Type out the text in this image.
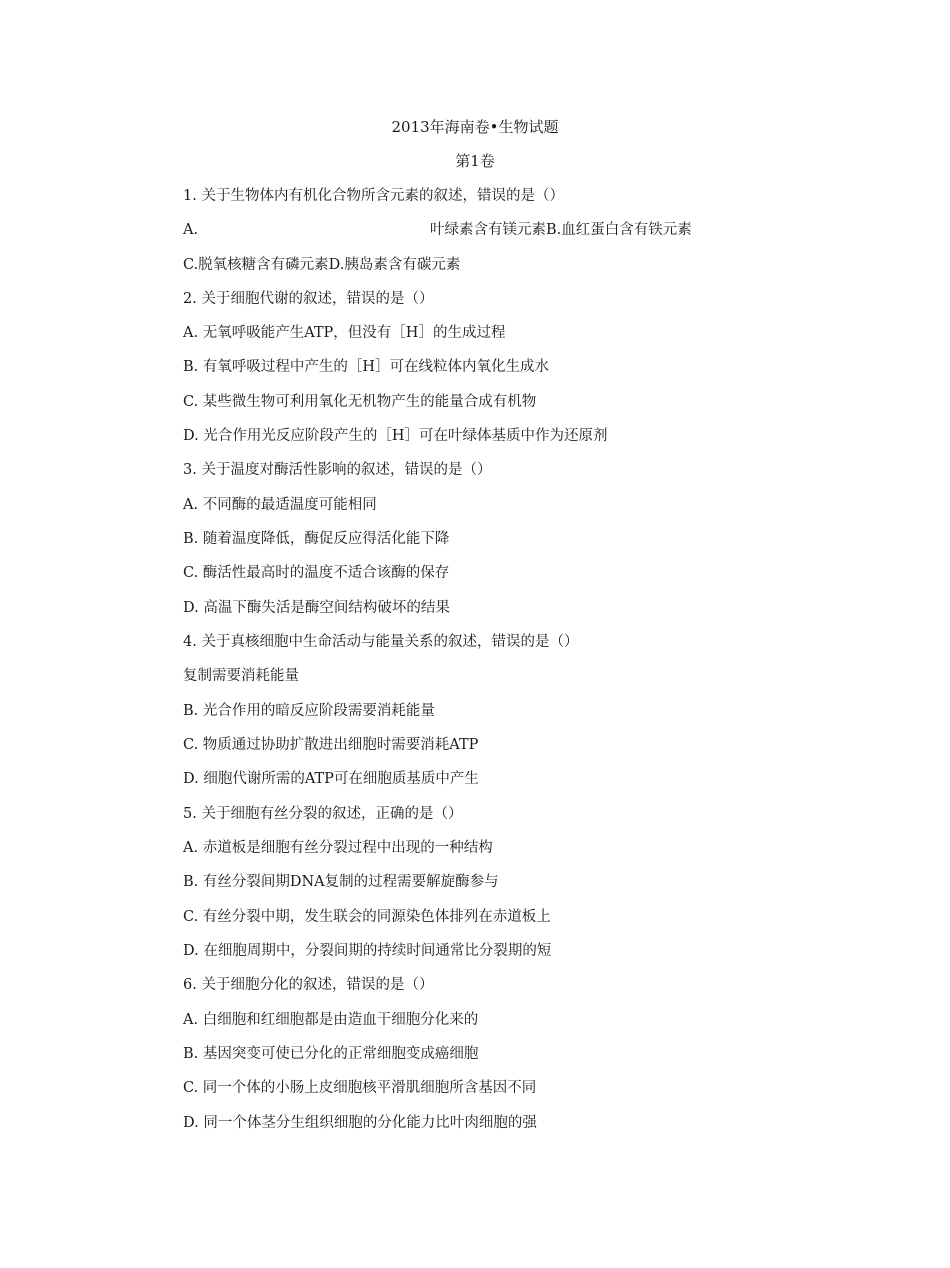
2013年海南卷•生物试题
第1卷
1. 关于生物体内有机化合物所含元素的叙述，错误的是（）
A.	叶绿素含有镁元素B.血红蛋白含有铁元素
C.脱氧核糖含有磷元素D.胰岛素含有碳元素
2. 关于细胞代谢的叙述，错误的是（）
A. 无氧呼吸能产生ATP，但没有［H］的生成过程
B. 有氧呼吸过程中产生的［H］可在线粒体内氧化生成水
C. 某些微生物可利用氧化无机物产生的能量合成有机物
D. 光合作用光反应阶段产生的［H］可在叶绿体基质中作为还原剂
3. 关于温度对酶活性影响的叙述，错误的是（）
A. 不同酶的最适温度可能相同
B. 随着温度降低，酶促反应得活化能下降
C. 酶活性最高时的温度不适合该酶的保存
D. 高温下酶失活是酶空间结构破坏的结果
4. 关于真核细胞中生命活动与能量关系的叙述，错误的是（）
复制需要消耗能量
B. 光合作用的暗反应阶段需要消耗能量
C. 物质通过协助扩散进出细胞时需要消耗ATP
D. 细胞代谢所需的ATP可在细胞质基质中产生
5. 关于细胞有丝分裂的叙述，正确的是（）
A. 赤道板是细胞有丝分裂过程中出现的一种结构
B. 有丝分裂间期DNA复制的过程需要解旋酶参与
C. 有丝分裂中期，发生联会的同源染色体排列在赤道板上
D. 在细胞周期中，分裂间期的持续时间通常比分裂期的短
6. 关于细胞分化的叙述，错误的是（）
A. 白细胞和红细胞都是由造血干细胞分化来的
B. 基因突变可使已分化的正常细胞变成癌细胞
C. 同一个体的小肠上皮细胞核平滑肌细胞所含基因不同
D. 同一个体茎分生组织细胞的分化能力比叶肉细胞的强
